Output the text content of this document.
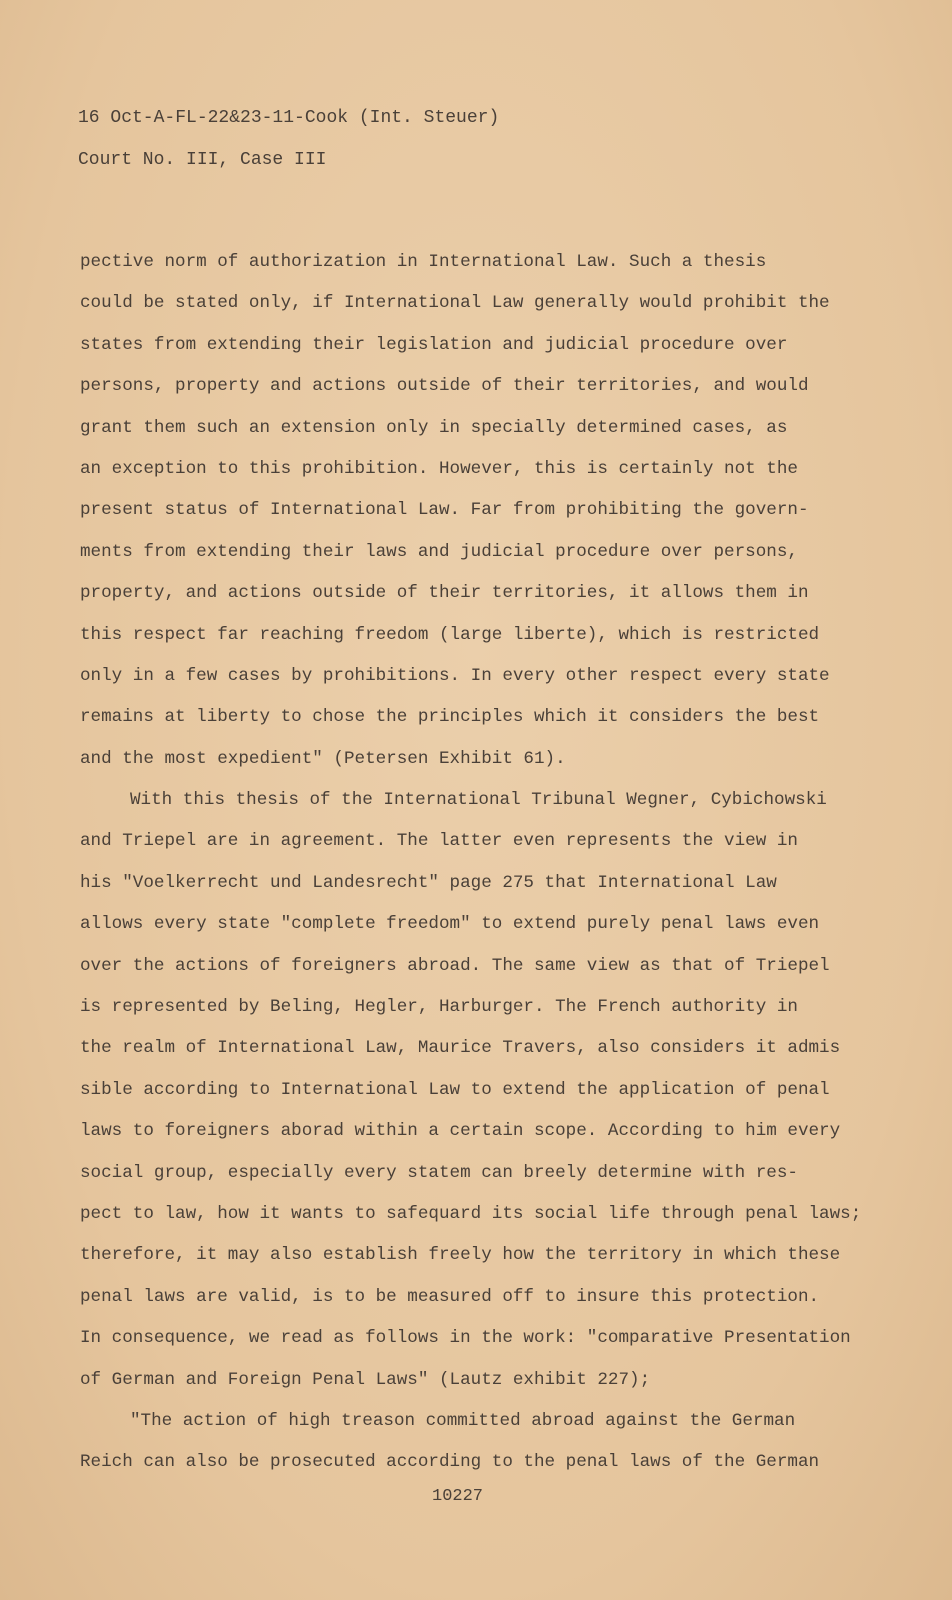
16 Oct-A-FL-22&23-11-Cook (Int. Steuer)
Court No. III, Case III
pective norm of authorization in International Law. Such a thesis
could be stated only, if International Law generally would prohibit the
states from extending their legislation and judicial procedure over
persons, property and actions outside of their territories, and would
grant them such an extension only in specially determined cases, as
an exception to this prohibition. However, this is certainly not the
present status of International Law. Far from prohibiting the govern-
ments from extending their laws and judicial procedure over persons,
property, and actions outside of their territories, it allows them in
this respect far reaching freedom (large liberte), which is restricted
only in a few cases by prohibitions. In every other respect every state
remains at liberty to chose the principles which it considers the best
and the most expedient" (Petersen Exhibit 61).
With this thesis of the International Tribunal Wegner, Cybichowski
and Triepel are in agreement. The latter even represents the view in
his "Voelkerrecht und Landesrecht" page 275 that International Law
allows every state "complete freedom" to extend purely penal laws even
over the actions of foreigners abroad. The same view as that of Triepel
is represented by Beling, Hegler, Harburger. The French authority in
the realm of International Law, Maurice Travers, also considers it admis
sible according to International Law to extend the application of penal
laws to foreigners aborad within a certain scope. According to him every
social group, especially every statem can breely determine with res-
pect to law, how it wants to safequard its social life through penal laws;
therefore, it may also establish freely how the territory in which these
penal laws are valid, is to be measured off to insure this protection.
In consequence, we read as follows in the work: "comparative Presentation
of German and Foreign Penal Laws" (Lautz exhibit 227);
"The action of high treason committed abroad against the German
Reich can also be prosecuted according to the penal laws of the German
10227
